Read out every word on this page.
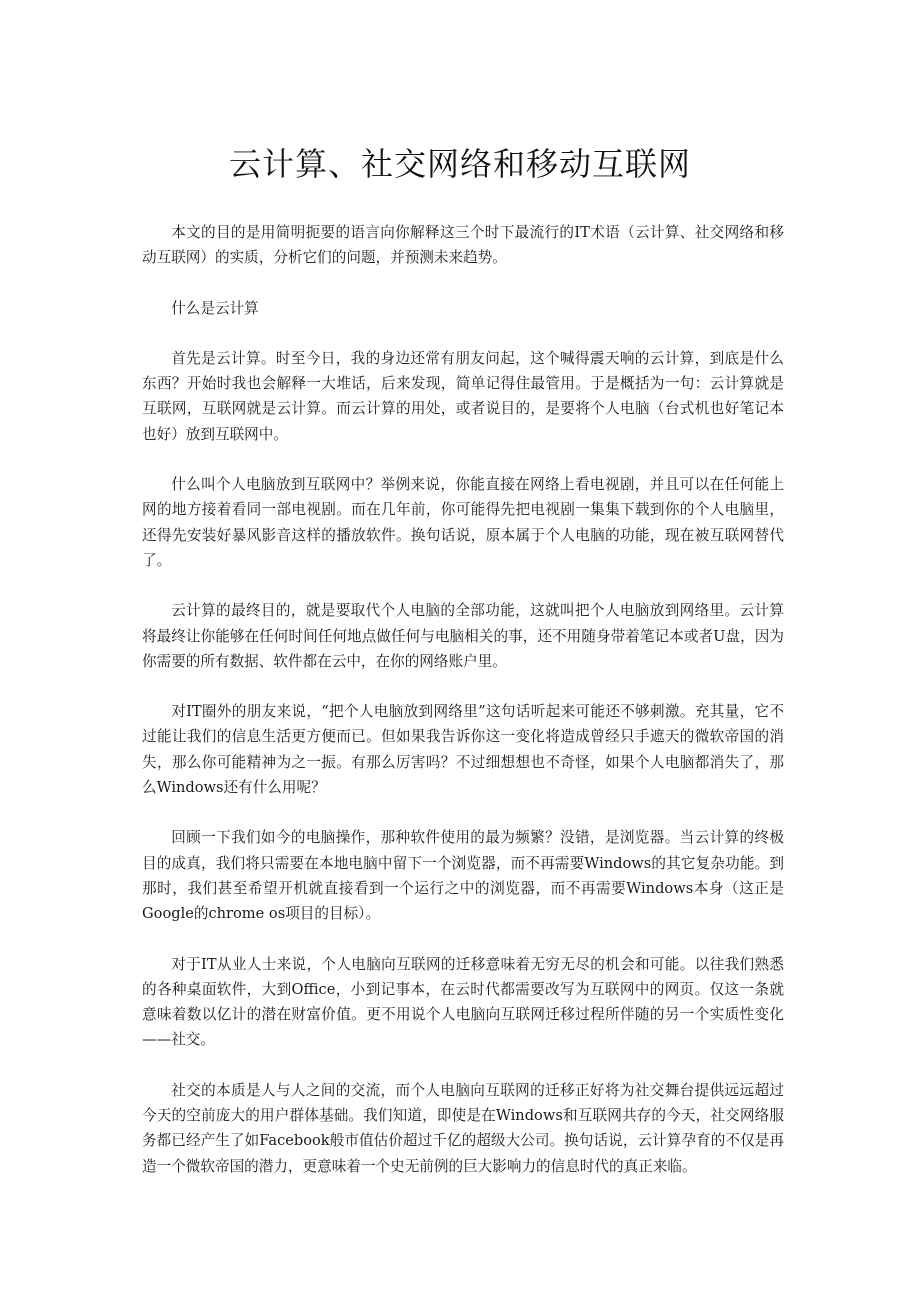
云计算、社交网络和移动互联网

本文的目的是用简明扼要的语言向你解释这三个时下最流行的IT术语（云计算、社交网络和移动互联网）的实质，分析它们的问题，并预测未来趋势。

什么是云计算

首先是云计算。时至今日，我的身边还常有朋友问起，这个喊得震天响的云计算，到底是什么东西？开始时我也会解释一大堆话，后来发现，简单记得住最管用。于是概括为一句：云计算就是互联网，互联网就是云计算。而云计算的用处，或者说目的，是要将个人电脑（台式机也好笔记本也好）放到互联网中。

什么叫个人电脑放到互联网中？举例来说，你能直接在网络上看电视剧，并且可以在任何能上网的地方接着看同一部电视剧。而在几年前，你可能得先把电视剧一集集下载到你的个人电脑里，还得先安装好暴风影音这样的播放软件。换句话说，原本属于个人电脑的功能，现在被互联网替代了。

云计算的最终目的，就是要取代个人电脑的全部功能，这就叫把个人电脑放到网络里。云计算将最终让你能够在任何时间任何地点做任何与电脑相关的事，还不用随身带着笔记本或者U盘，因为你需要的所有数据、软件都在云中，在你的网络账户里。

对IT圈外的朋友来说，“把个人电脑放到网络里”这句话听起来可能还不够刺激。充其量，它不过能让我们的信息生活更方便而已。但如果我告诉你这一变化将造成曾经只手遮天的微软帝国的消失，那么你可能精神为之一振。有那么厉害吗？不过细想想也不奇怪，如果个人电脑都消失了，那么Windows还有什么用呢？

回顾一下我们如今的电脑操作，那种软件使用的最为频繁？没错，是浏览器。当云计算的终极目的成真，我们将只需要在本地电脑中留下一个浏览器，而不再需要Windows的其它复杂功能。到那时，我们甚至希望开机就直接看到一个运行之中的浏览器，而不再需要Windows本身（这正是Google的chrome os项目的目标）。

对于IT从业人士来说，个人电脑向互联网的迁移意味着无穷无尽的机会和可能。以往我们熟悉的各种桌面软件，大到Office，小到记事本，在云时代都需要改写为互联网中的网页。仅这一条就意味着数以亿计的潜在财富价值。更不用说个人电脑向互联网迁移过程所伴随的另一个实质性变化——社交。

社交的本质是人与人之间的交流，而个人电脑向互联网的迁移正好将为社交舞台提供远远超过今天的空前庞大的用户群体基础。我们知道，即使是在Windows和互联网共存的今天，社交网络服务都已经产生了如Facebook般市值估价超过千亿的超级大公司。换句话说，云计算孕育的不仅是再造一个微软帝国的潜力，更意味着一个史无前例的巨大影响力的信息时代的真正来临。
